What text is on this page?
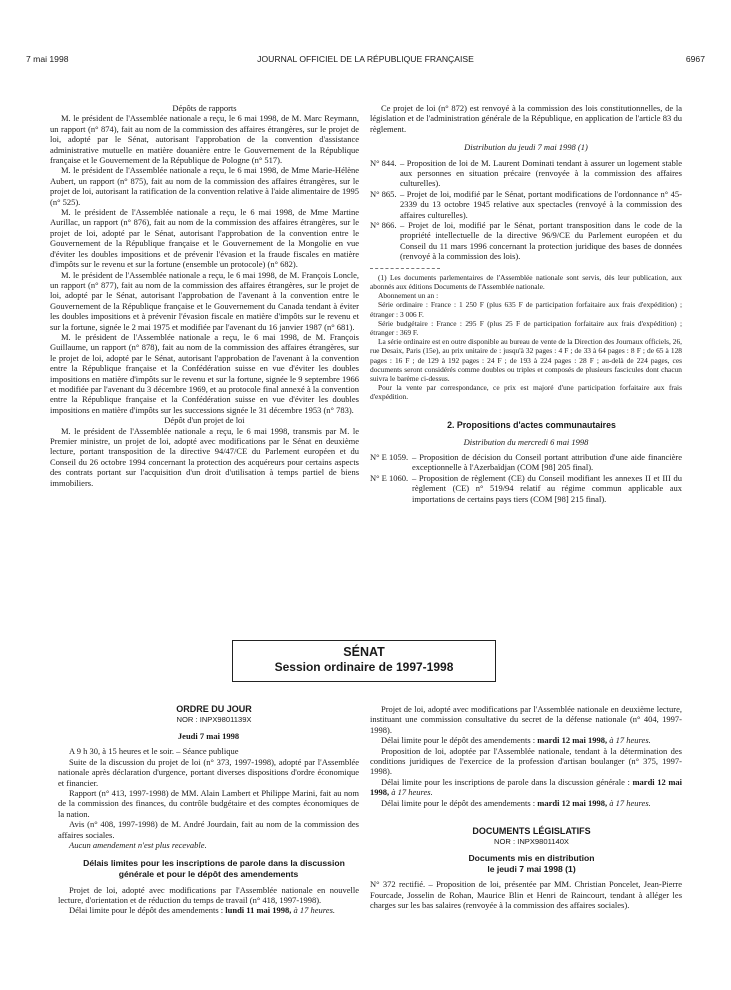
7 mai 1998	JOURNAL OFFICIEL DE LA RÉPUBLIQUE FRANÇAISE	6967

Dépôts de rapports

M. le président de l'Assemblée nationale a reçu, le 6 mai 1998, de M. Marc Reymann, un rapport (n° 874), fait au nom de la commission des affaires étrangères, sur le projet de loi, adopté par le Sénat, autorisant l'approbation de la convention d'assistance administrative mutuelle en matière douanière entre le Gouvernement de la République française et le Gouvernement de la République de Pologne (n° 517).

M. le président de l'Assemblée nationale a reçu, le 6 mai 1998, de Mme Marie-Hélène Aubert, un rapport (n° 875), fait au nom de la commission des affaires étrangères, sur le projet de loi, autorisant la ratification de la convention relative à l'aide alimentaire de 1995 (n° 525).

M. le président de l'Assemblée nationale a reçu, le 6 mai 1998, de Mme Martine Aurillac, un rapport (n° 876), fait au nom de la commission des affaires étrangères, sur le projet de loi, adopté par le Sénat, autorisant l'approbation de la convention entre le Gouvernement de la République française et le Gouvernement de la Mongolie en vue d'éviter les doubles impositions et de prévenir l'évasion et la fraude fiscales en matière d'impôts sur le revenu et sur la fortune (ensemble un protocole) (n° 682).

M. le président de l'Assemblée nationale a reçu, le 6 mai 1998, de M. François Loncle, un rapport (n° 877), fait au nom de la commission des affaires étrangères, sur le projet de loi, adopté par le Sénat, autorisant l'approbation de l'avenant à la convention entre le Gouvernement de la République française et le Gouvernement du Canada tendant à éviter les doubles impositions et à prévenir l'évasion fiscale en matière d'impôts sur le revenu et sur la fortune, signée le 2 mai 1975 et modifiée par l'avenant du 16 janvier 1987 (n° 681).

M. le président de l'Assemblée nationale a reçu, le 6 mai 1998, de M. François Guillaume, un rapport (n° 878), fait au nom de la commission des affaires étrangères, sur le projet de loi, adopté par le Sénat, autorisant l'approbation de l'avenant à la convention entre la République française et la Confédération suisse en vue d'éviter les doubles impositions en matière d'impôts sur le revenu et sur la fortune, signée le 9 septembre 1966 et modifiée par l'avenant du 3 décembre 1969, et au protocole final annexé à la convention entre la République française et la Confédération suisse en vue d'éviter les doubles impositions en matière d'impôts sur les successions signée le 31 décembre 1953 (n° 783).

Dépôt d'un projet de loi

M. le président de l'Assemblée nationale a reçu, le 6 mai 1998, transmis par M. le Premier ministre, un projet de loi, adopté avec modifications par le Sénat en deuxième lecture, portant transposition de la directive 94/47/CE du Parlement européen et du Conseil du 26 octobre 1994 concernant la protection des acquéreurs pour certains aspects des contrats portant sur l'acquisition d'un droit d'utilisation à temps partiel de biens immobiliers.

Ce projet de loi (n° 872) est renvoyé à la commission des lois constitutionnelles, de la législation et de l'administration générale de la République, en application de l'article 83 du règlement.

Distribution du jeudi 7 mai 1998 (1)

N° 844. – Proposition de loi de M. Laurent Dominati tendant à assurer un logement stable aux personnes en situation précaire (renvoyée à la commission des affaires culturelles).
N° 865. – Projet de loi, modifié par le Sénat, portant modifications de l'ordonnance n° 45-2339 du 13 octobre 1945 relative aux spectacles (renvoyé à la commission des affaires culturelles).
N° 866. – Projet de loi, modifié par le Sénat, portant transposition dans le code de la propriété intellectuelle de la directive 96/9/CE du Parlement européen et du Conseil du 11 mars 1996 concernant la protection juridique des bases de données (renvoyé à la commission des lois).

(1) Les documents parlementaires de l'Assemblée nationale sont servis, dès leur publication, aux abonnés aux éditions Documents de l'Assemblée nationale.

Abonnement un an :

Série ordinaire : France : 1 250 F (plus 635 F de participation forfaitaire aux frais d'expédition) ; étranger : 3 006 F.

Série budgétaire : France : 295 F (plus 25 F de participation forfaitaire aux frais d'expédition) ; étranger : 369 F.

La série ordinaire est en outre disponible au bureau de vente de la Direction des Journaux officiels, 26, rue Desaix, Paris (15e), au prix unitaire de : jusqu'à 32 pages : 4 F ; de 33 à 64 pages : 8 F ; de 65 à 128 pages : 16 F ; de 129 à 192 pages : 24 F ; de 193 à 224 pages : 28 F ; au-delà de 224 pages, ces documents seront considérés comme doubles ou triples et composés de plusieurs fascicules dont chacun suivra le barème ci-dessus.

Pour la vente par correspondance, ce prix est majoré d'une participation forfaitaire aux frais d'expédition.

2. Propositions d'actes communautaires

Distribution du mercredi 6 mai 1998

N° E 1059. – Proposition de décision du Conseil portant attribution d'une aide financière exceptionnelle à l'Azerbaïdjan (COM [98] 205 final).
N° E 1060. – Proposition de règlement (CE) du Conseil modifiant les annexes II et III du règlement (CE) n° 519/94 relatif au régime commun applicable aux importations de certains pays tiers (COM [98] 215 final).
SÉNAT
Session ordinaire de 1997-1998

ORDRE DU JOUR

NOR : INPX9801139X

Jeudi 7 mai 1998

A 9 h 30, à 15 heures et le soir. – Séance publique

Suite de la discussion du projet de loi (n° 373, 1997-1998), adopté par l'Assemblée nationale après déclaration d'urgence, portant diverses dispositions d'ordre économique et financier.

Rapport (n° 413, 1997-1998) de MM. Alain Lambert et Philippe Marini, fait au nom de la commission des finances, du contrôle budgétaire et des comptes économiques de la nation.

Avis (n° 408, 1997-1998) de M. André Jourdain, fait au nom de la commission des affaires sociales.

Aucun amendement n'est plus recevable.

Délais limites pour les inscriptions de parole dans la discussion générale et pour le dépôt des amendements

Projet de loi, adopté avec modifications par l'Assemblée nationale en nouvelle lecture, d'orientation et de réduction du temps de travail (n° 418, 1997-1998).

Délai limite pour le dépôt des amendements : lundi 11 mai 1998, à 17 heures.

Projet de loi, adopté avec modifications par l'Assemblée nationale en deuxième lecture, instituant une commission consultative du secret de la défense nationale (n° 404, 1997-1998).

Délai limite pour le dépôt des amendements : mardi 12 mai 1998, à 17 heures.

Proposition de loi, adoptée par l'Assemblée nationale, tendant à la détermination des conditions juridiques de l'exercice de la profession d'artisan boulanger (n° 375, 1997-1998).

Délai limite pour les inscriptions de parole dans la discussion générale : mardi 12 mai 1998, à 17 heures.

Délai limite pour le dépôt des amendements : mardi 12 mai 1998, à 17 heures.

DOCUMENTS LÉGISLATIFS

NOR : INPX9801140X

Documents mis en distribution

le jeudi 7 mai 1998 (1)

N° 372 rectifié. – Proposition de loi, présentée par MM. Christian Poncelet, Jean-Pierre Fourcade, Josselin de Rohan, Maurice Blin et Henri de Raincourt, tendant à alléger les charges sur les bas salaires (renvoyée à la commission des affaires sociales).
